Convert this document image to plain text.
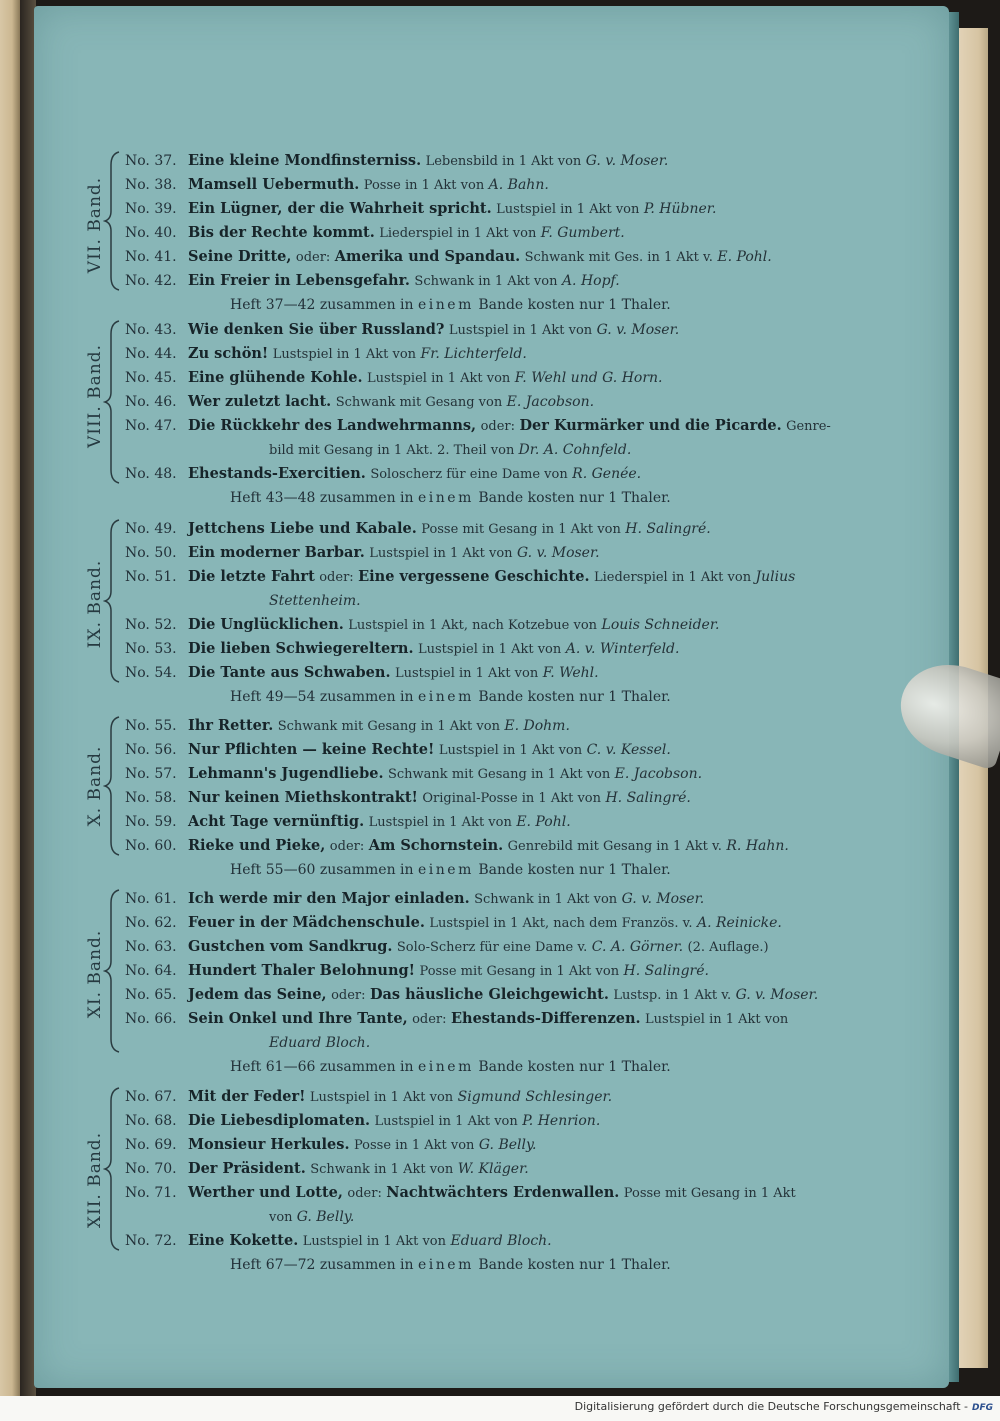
VII. Band.
No. 37. Eine kleine Mondfinsterniss. Lebensbild in 1 Akt von G. v. Moser.
No. 38. Mamsell Uebermuth. Posse in 1 Akt von A. Bahn.
No. 39. Ein Lügner, der die Wahrheit spricht. Lustspiel in 1 Akt von P. Hübner.
No. 40. Bis der Rechte kommt. Liederspiel in 1 Akt von F. Gumbert.
No. 41. Seine Dritte, oder: Amerika und Spandau. Schwank mit Ges. in 1 Akt v. E. Pohl.
No. 42. Ein Freier in Lebensgefahr. Schwank in 1 Akt von A. Hopf.
Heft 37—42 zusammen in einem Bande kosten nur 1 Thaler.
VIII. Band.
No. 43. Wie denken Sie über Russland? Lustspiel in 1 Akt von G. v. Moser.
No. 44. Zu schön! Lustspiel in 1 Akt von Fr. Lichterfeld.
No. 45. Eine glühende Kohle. Lustspiel in 1 Akt von F. Wehl und G. Horn.
No. 46. Wer zuletzt lacht. Schwank mit Gesang von E. Jacobson.
No. 47. Die Rückkehr des Landwehrmanns, oder: Der Kurmärker und die Picarde. Genre-
bild mit Gesang in 1 Akt. 2. Theil von Dr. A. Cohnfeld.
No. 48. Ehestands-Exercitien. Soloscherz für eine Dame von R. Genée.
Heft 43—48 zusammen in einem Bande kosten nur 1 Thaler.
IX. Band.
No. 49. Jettchens Liebe und Kabale. Posse mit Gesang in 1 Akt von H. Salingré.
No. 50. Ein moderner Barbar. Lustspiel in 1 Akt von G. v. Moser.
No. 51. Die letzte Fahrt oder: Eine vergessene Geschichte. Liederspiel in 1 Akt von Julius
Stettenheim.
No. 52. Die Unglücklichen. Lustspiel in 1 Akt, nach Kotzebue von Louis Schneider.
No. 53. Die lieben Schwiegereltern. Lustspiel in 1 Akt von A. v. Winterfeld.
No. 54. Die Tante aus Schwaben. Lustspiel in 1 Akt von F. Wehl.
Heft 49—54 zusammen in einem Bande kosten nur 1 Thaler.
X. Band.
No. 55. Ihr Retter. Schwank mit Gesang in 1 Akt von E. Dohm.
No. 56. Nur Pflichten — keine Rechte! Lustspiel in 1 Akt von C. v. Kessel.
No. 57. Lehmann's Jugendliebe. Schwank mit Gesang in 1 Akt von E. Jacobson.
No. 58. Nur keinen Miethskontrakt! Original-Posse in 1 Akt von H. Salingré.
No. 59. Acht Tage vernünftig. Lustspiel in 1 Akt von E. Pohl.
No. 60. Rieke und Pieke, oder: Am Schornstein. Genrebild mit Gesang in 1 Akt v. R. Hahn.
Heft 55—60 zusammen in einem Bande kosten nur 1 Thaler.
XI. Band.
No. 61. Ich werde mir den Major einladen. Schwank in 1 Akt von G. v. Moser.
No. 62. Feuer in der Mädchenschule. Lustspiel in 1 Akt, nach dem Französ. v. A. Reinicke.
No. 63. Gustchen vom Sandkrug. Solo-Scherz für eine Dame v. C. A. Görner. (2. Auflage.)
No. 64. Hundert Thaler Belohnung! Posse mit Gesang in 1 Akt von H. Salingré.
No. 65. Jedem das Seine, oder: Das häusliche Gleichgewicht. Lustsp. in 1 Akt v. G. v. Moser.
No. 66. Sein Onkel und Ihre Tante, oder: Ehestands-Differenzen. Lustspiel in 1 Akt von
Eduard Bloch.
Heft 61—66 zusammen in einem Bande kosten nur 1 Thaler.
XII. Band.
No. 67. Mit der Feder! Lustspiel in 1 Akt von Sigmund Schlesinger.
No. 68. Die Liebesdiplomaten. Lustspiel in 1 Akt von P. Henrion.
No. 69. Monsieur Herkules. Posse in 1 Akt von G. Belly.
No. 70. Der Präsident. Schwank in 1 Akt von W. Kläger.
No. 71. Werther und Lotte, oder: Nachtwächters Erdenwallen. Posse mit Gesang in 1 Akt
von G. Belly.
No. 72. Eine Kokette. Lustspiel in 1 Akt von Eduard Bloch.
Heft 67—72 zusammen in einem Bande kosten nur 1 Thaler.
Digitalisierung gefördert durch die Deutsche Forschungsgemeinschaft - DFG
